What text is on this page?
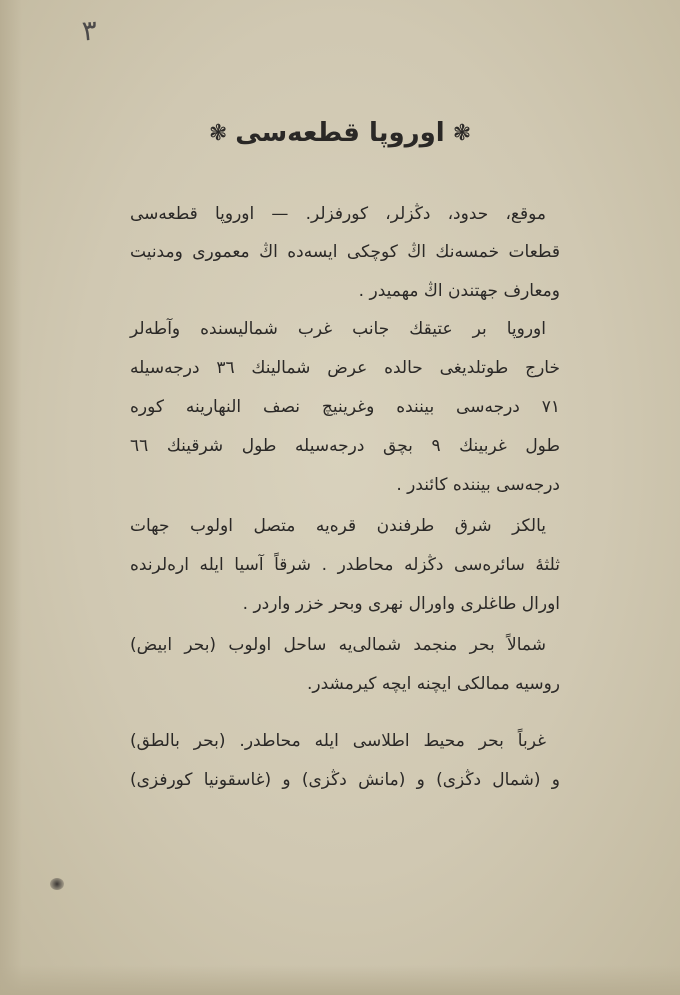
٣
❃اوروپا قطعه‌سی❃
موقع، حدود، دڭزلر، كورفزلر. — اوروپا قطعه‌سی
قطعات خمسه‌نك اڭ كوچكی ایسه‌ده اڭ معموری ومدنیت
ومعارف جهتندن اڭ مهمیدر .
اوروپا بر عتیقك جانب غرب شمالیسنده وآطه‌لر
خارج طوتلدیغی حالده عرض شمالینك ٣٦ درجه‌سیله
٧١ درجه‌سی بیننده وغرینیچ نصف النهارینه كوره
طول غربینك ٩ بچق درجه‌سیله طول شرقینك ٦٦
درجه‌سی بیننده كائندر .
یالكز شرق طرفندن قره‌یه متصل اولوب جهات
ثلثهٔ سائره‌سی دڭزله محاطدر . شرقاً آسیا ایله اره‌لرنده
اورال طاغلری واورال نهری وبحر خزر واردر .
شمالاً بحر منجمد شمالی‌یه ساحل اولوب (بحر ابیض)
روسیه ممالكی ایچنه ایچه كیرمشدر.
غرباً بحر محیط اطلاسی ایله محاطدر. (بحر بالطق)
و (شمال دڭزی) و (مانش دڭزی) و (غاسقونیا كورفزی)
